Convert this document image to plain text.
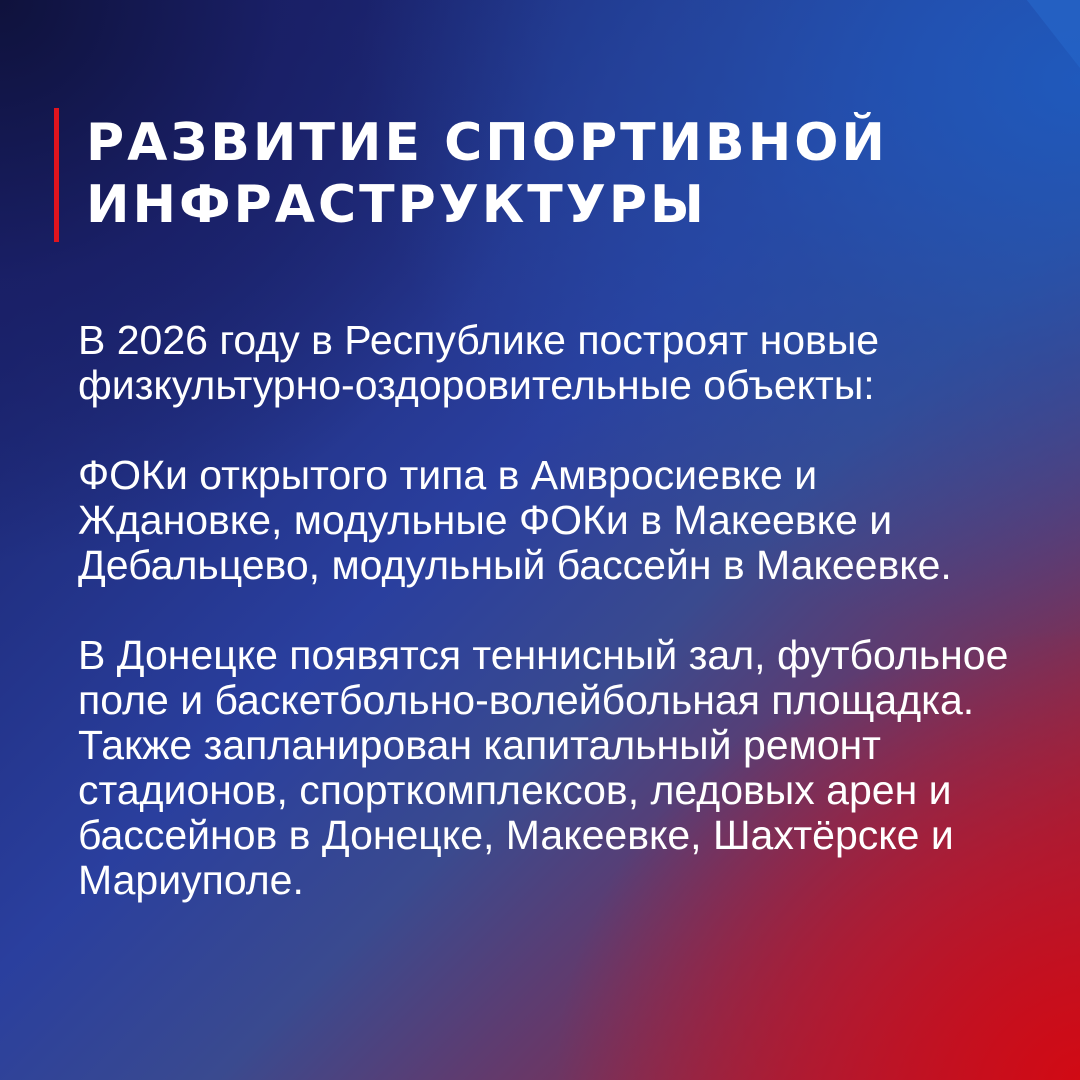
РАЗВИТИЕ СПОРТИВНОЙ
ИНФРАСТРУКТУРЫ

В 2026 году в Республике построят новые физкультурно-оздоровительные объекты:

ФОКи открытого типа в Амвросиевке и Ждановке, модульные ФОКи в Макеевке и Дебальцево, модульный бассейн в Макеевке.

В Донецке появятся теннисный зал, футбольное поле и баскетбольно-волейбольная площадка. Также запланирован капитальный ремонт стадионов, спорткомплексов, ледовых арен и бассейнов в Донецке, Макеевке, Шахтёрске и Мариуполе.
